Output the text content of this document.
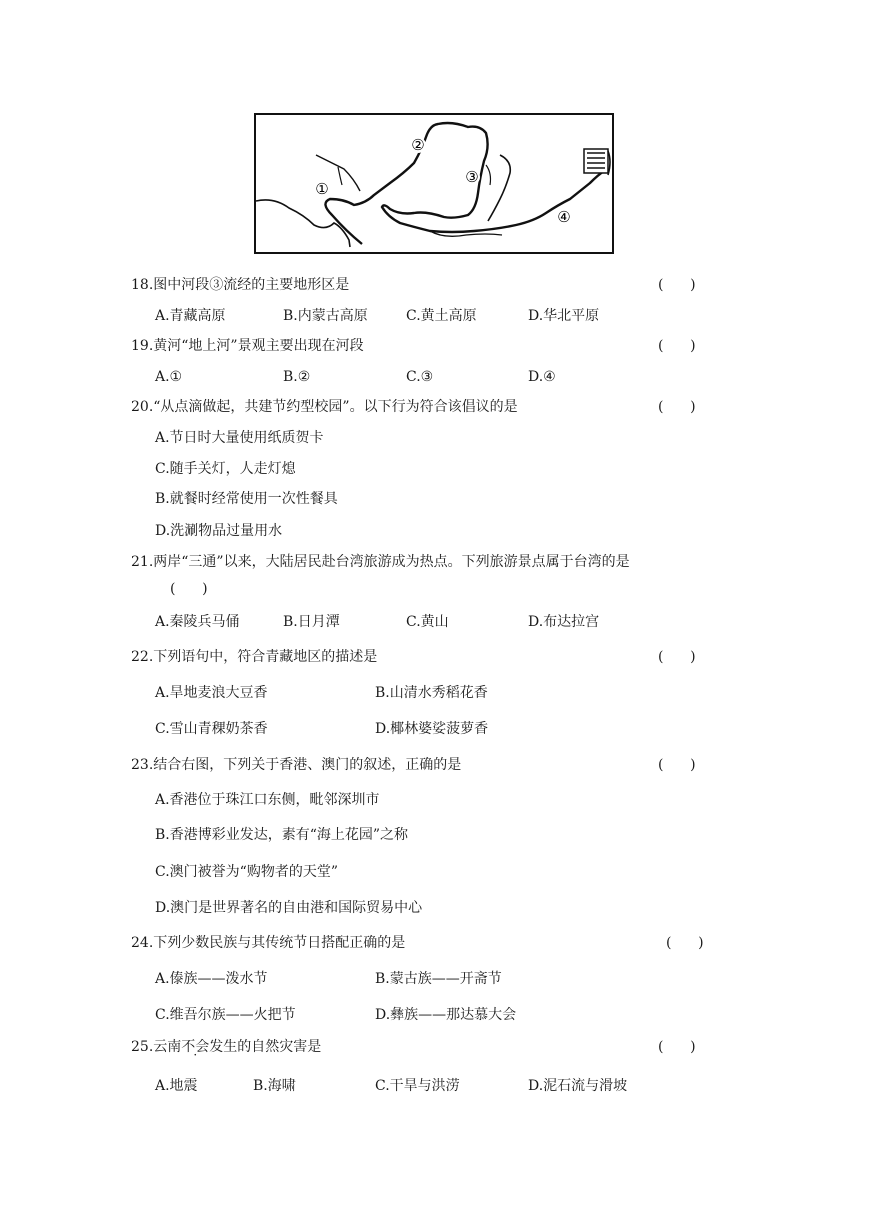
①
②
③
④
18.图中河段③流经的主要地形区是	(      )
A.青藏高原	B.内蒙古高原	C.黄土高原	D.华北平原
19.黄河“地上河”景观主要出现在河段	(      )
A.①	B.②	C.③	D.④
20.“从点滴做起，共建节约型校园”。以下行为符合该倡议的是	(      )
A.节日时大量使用纸质贺卡
C.随手关灯，人走灯熄
B.就餐时经常使用一次性餐具
D.洗涮物品过量用水
21.两岸“三通”以来，大陆居民赴台湾旅游成为热点。下列旅游景点属于台湾的是
(      )
A.秦陵兵马俑	B.日月潭	C.黄山	D.布达拉宫
22.下列语句中，符合青藏地区的描述是	(      )
A.旱地麦浪大豆香	B.山清水秀稻花香
C.雪山青稞奶茶香	D.椰林婆娑菠萝香
23.结合右图，下列关于香港、澳门的叙述，正确的是	(      )
A.香港位于珠江口东侧，毗邻深圳市
B.香港博彩业发达，素有“海上花园”之称
C.澳门被誉为“购物者的天堂”
D.澳门是世界著名的自由港和国际贸易中心
24.下列少数民族与其传统节日搭配正确的是	(      )
A.傣族——泼水节	B.蒙古族——开斋节
C.维吾尔族——火把节	D.彝族——那达慕大会
25.云南不会发生的自然灾害是	(      )
A.地震	B.海啸	C.干旱与洪涝	D.泥石流与滑坡
